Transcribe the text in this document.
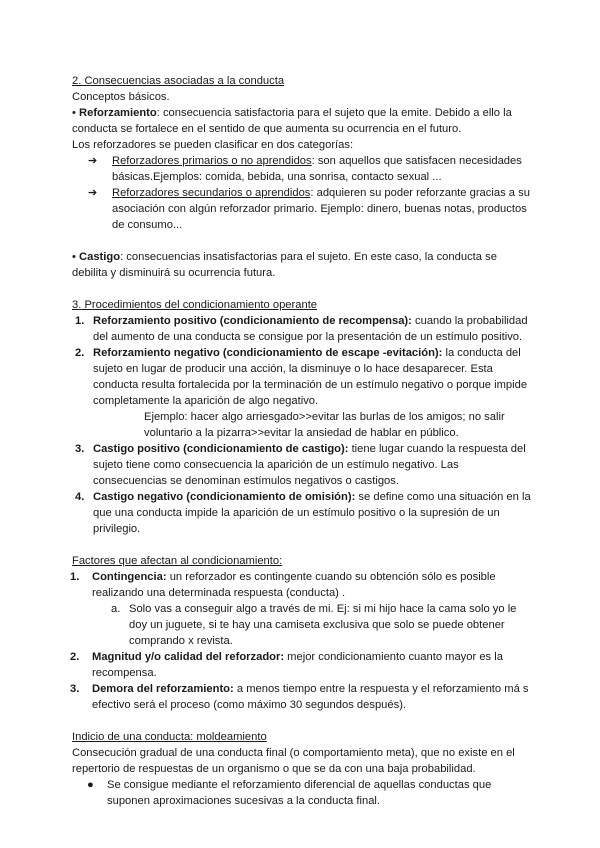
2. Consecuencias asociadas a la conducta

Conceptos básicos.

• Reforzamiento: consecuencia satisfactoria para el sujeto que la emite. Debido a ello la conducta se fortalece en el sentido de que aumenta su ocurrencia en el futuro.

Los reforzadores se pueden clasificar en dos categorías:

➔ Reforzadores primarios o no aprendidos: son aquellos que satisfacen necesidades básicas.Ejemplos: comida, bebida, una sonrisa, contacto sexual ...
➔ Reforzadores secundarios o aprendidos: adquieren su poder reforzante gracias a su asociación con algún reforzador primario. Ejemplo: dinero, buenas notas, productos de consumo...

• Castigo: consecuencias insatisfactorias para el sujeto. En este caso, la conducta se debilita y disminuirá su ocurrencia futura.

3. Procedimientos del condicionamiento operante

1. Reforzamiento positivo (condicionamiento de recompensa): cuando la probabilidad del aumento de una conducta se consigue por la presentación de un estímulo positivo.
2. Reforzamiento negativo (condicionamiento de escape -evitación): la conducta del sujeto en lugar de producir una acción, la disminuye o lo hace desaparecer. Esta conducta resulta fortalecida por la terminación de un estímulo negativo o porque impide completamente la aparición de algo negativo.
Ejemplo: hacer algo arriesgado>>evitar las burlas de los amigos; no salir voluntario a la pizarra>>evitar la ansiedad de hablar en público.
3. Castigo positivo (condicionamiento de castigo): tiene lugar cuando la respuesta del sujeto tiene como consecuencia la aparición de un estímulo negativo. Las consecuencias se denominan estímulos negativos o castigos.
4. Castigo negativo (condicionamiento de omisión): se define como una situación en la que una conducta impide la aparición de un estímulo positivo o la supresión de un privilegio.

Factores que afectan al condicionamiento:

1. Contingencia: un reforzador es contingente cuando su obtención sólo es posible realizando una determinada respuesta (conducta) .
a. Solo vas a conseguir algo a través de mi. Ej: si mi hijo hace la cama solo yo le doy un juguete, si te hay una camiseta exclusiva que solo se puede obtener comprando x revista.
2. Magnitud y/o calidad del reforzador: mejor condicionamiento cuanto mayor es la recompensa.
3. Demora del reforzamiento: a menos tiempo entre la respuesta y el reforzamiento má s efectivo será el proceso (como máximo 30 segundos después).

Indicio de una conducta: moldeamiento

Consecución gradual de una conducta final (o comportamiento meta), que no existe en el repertorio de respuestas de un organismo o que se da con una baja probabilidad.

● Se consigue mediante el reforzamiento diferencial de aquellas conductas que suponen aproximaciones sucesivas a la conducta final.
